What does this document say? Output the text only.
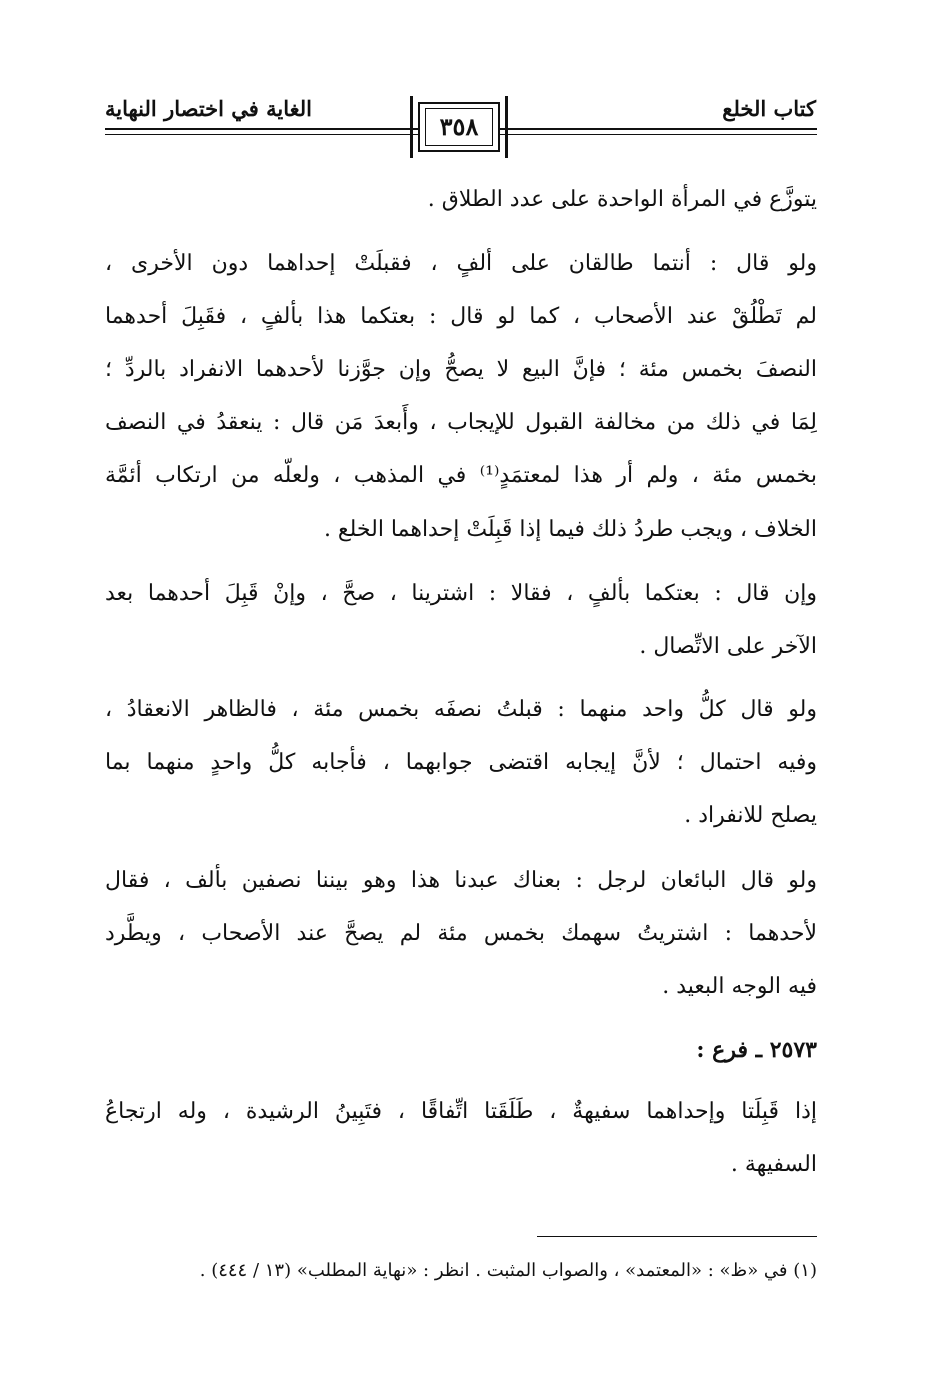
كتاب الخلع
الغاية في اختصار النهاية
٣٥٨
يتوزَّع في المرأة الواحدة على عدد الطلاق .
ولو قال : أنتما طالقان على ألفٍ ، فقبلَتْ إحداهما دون الأخرى ،
لم تَطْلُقْ عند الأصحاب ، كما لو قال : بعتكما هذا بألفٍ ، فقَبِلَ أحدهما
النصفَ بخمس مئة ؛ فإنَّ البيع لا يصحُّ وإن جوَّزنا لأحدهما الانفراد بالردِّ ؛
لِمَا في ذلك من مخالفة القبول للإيجاب ، وأَبعدَ مَن قال : ينعقدُ في النصف
بخمس مئة ، ولم أر هذا لمعتمَدٍ⁽¹⁾ في المذهب ، ولعلّه من ارتكاب أئمَّة
الخلاف ، ويجب طردُ ذلك فيما إذا قَبِلَتْ إحداهما الخلع .
وإن قال : بعتكما بألفٍ ، فقالا : اشترينا ، صحَّ ، وإنْ قَبِلَ أحدهما بعد
الآخر على الاتِّصال .
ولو قال كلُّ واحد منهما : قبلتُ نصفَه بخمس مئة ، فالظاهر الانعقادُ ،
وفيه احتمال ؛ لأنَّ إيجابه اقتضى جوابهما ، فأجابه كلُّ واحدٍ منهما بما
يصلح للانفراد .
ولو قال البائعان لرجل : بعناك عبدنا هذا وهو بيننا نصفين بألف ، فقال
لأحدهما : اشتريتُ سهمك بخمس مئة لم يصحَّ عند الأصحاب ، ويطَّرد
فيه الوجه البعيد .
٢٥٧٣ ـ فرع :
إذا قَبِلَتا وإحداهما سفيهةٌ ، طَلَقَتا اتِّفاقًا ، فتَبِينُ الرشيدة ، وله ارتجاعُ
السفيهة .
(١) في «ظ» : «المعتمد» ، والصواب المثبت . انظر : «نهاية المطلب» (١٣ / ٤٤٤) .
